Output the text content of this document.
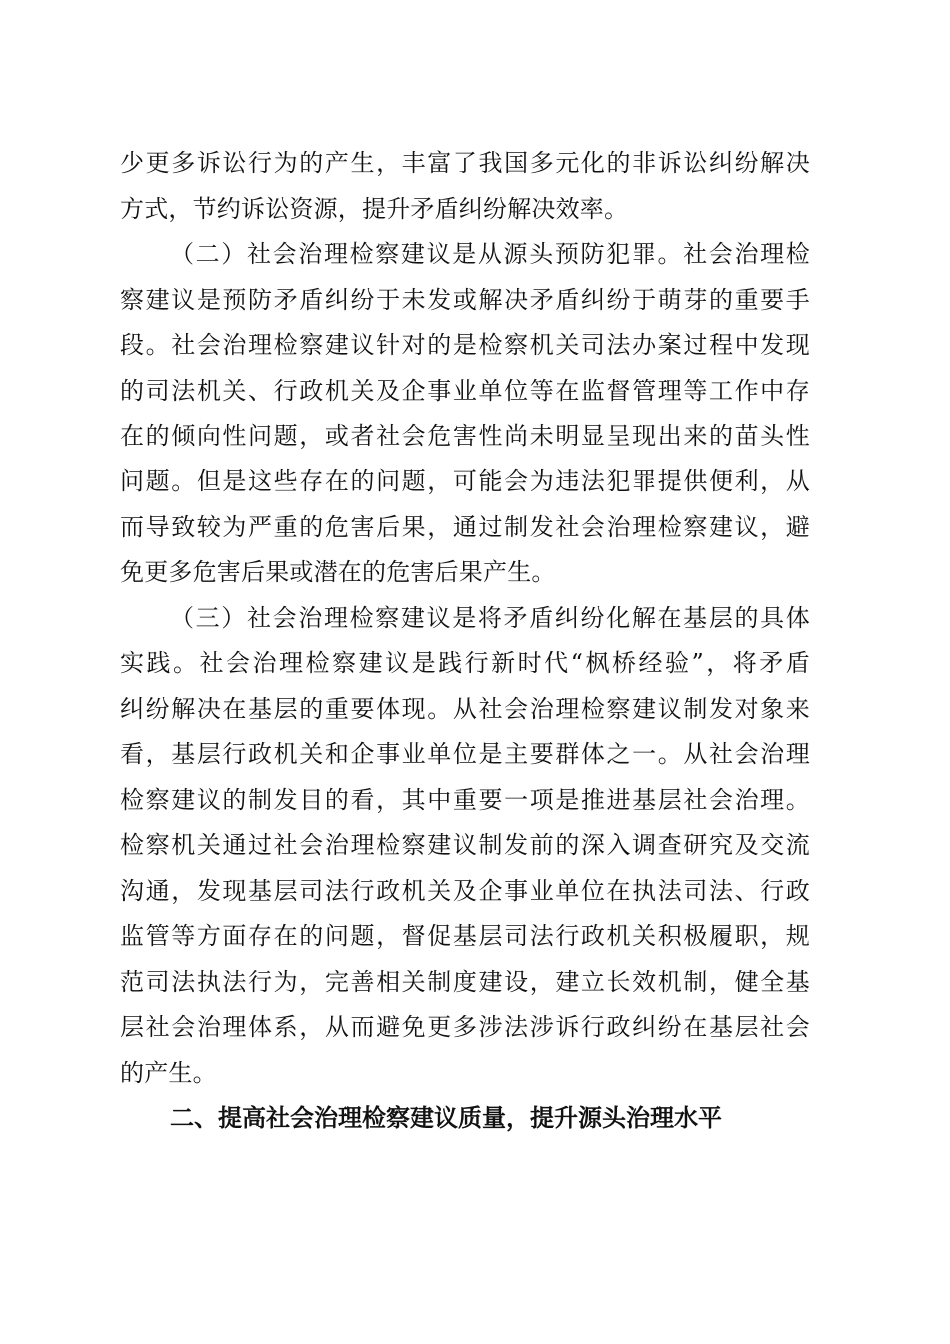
少更多诉讼行为的产生，丰富了我国多元化的非诉讼纠纷解决
方式，节约诉讼资源，提升矛盾纠纷解决效率。
（二）社会治理检察建议是从源头预防犯罪。社会治理检
察建议是预防矛盾纠纷于未发或解决矛盾纠纷于萌芽的重要手
段。社会治理检察建议针对的是检察机关司法办案过程中发现
的司法机关、行政机关及企事业单位等在监督管理等工作中存
在的倾向性问题，或者社会危害性尚未明显呈现出来的苗头性
问题。但是这些存在的问题，可能会为违法犯罪提供便利，从
而导致较为严重的危害后果，通过制发社会治理检察建议，避
免更多危害后果或潜在的危害后果产生。
（三）社会治理检察建议是将矛盾纠纷化解在基层的具体
实践。社会治理检察建议是践行新时代“枫桥经验”，将矛盾
纠纷解决在基层的重要体现。从社会治理检察建议制发对象来
看，基层行政机关和企事业单位是主要群体之一。从社会治理
检察建议的制发目的看，其中重要一项是推进基层社会治理。
检察机关通过社会治理检察建议制发前的深入调查研究及交流
沟通，发现基层司法行政机关及企事业单位在执法司法、行政
监管等方面存在的问题，督促基层司法行政机关积极履职，规
范司法执法行为，完善相关制度建设，建立长效机制，健全基
层社会治理体系，从而避免更多涉法涉诉行政纠纷在基层社会
的产生。
二、提高社会治理检察建议质量，提升源头治理水平
